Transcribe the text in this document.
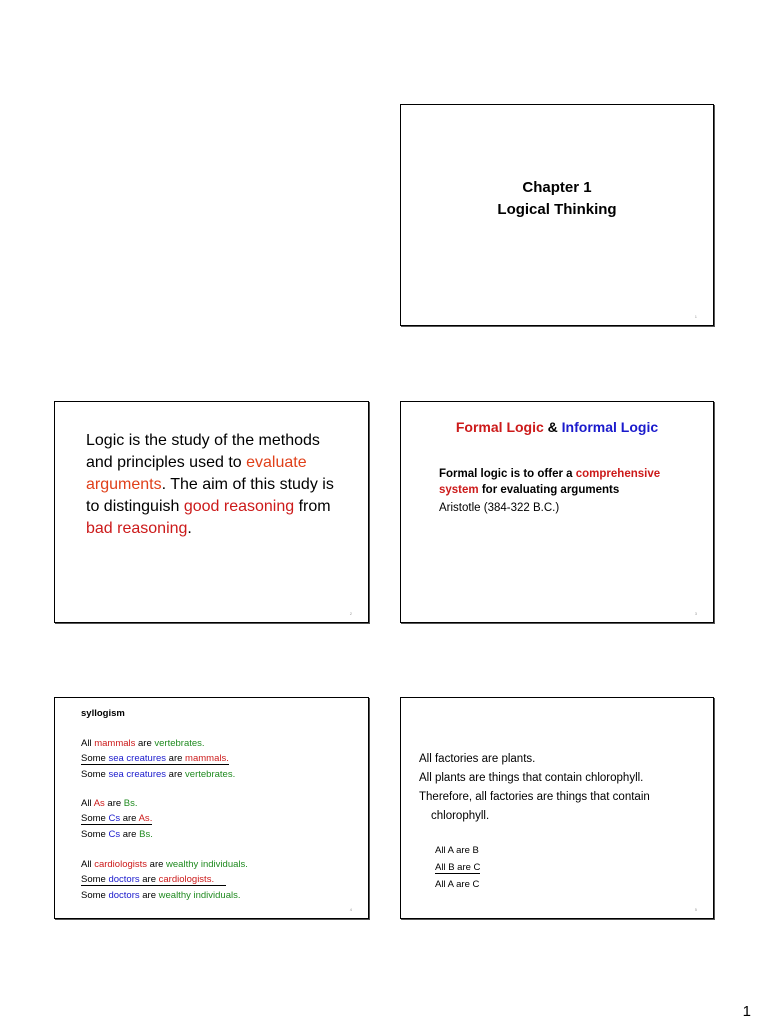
Chapter 1
Logical Thinking
1
Logic is the study of the methods and principles used to evaluate arguments. The aim of this study is to distinguish good reasoning from bad reasoning.
2
Formal Logic & Informal Logic
Formal logic is to offer a comprehensive system for evaluating arguments
Aristotle (384-322 B.C.)
3
syllogism
All mammals are vertebrates.
Some sea creatures are mammals.
Some sea creatures are vertebrates.
All As are Bs.
Some Cs are As.
Some Cs are Bs.
All cardiologists are wealthy individuals.
Some doctors are cardiologists.
Some doctors are wealthy individuals.
4
All factories are plants.
All plants are things that contain chlorophyll.
Therefore, all factories are things that contain
chlorophyll.
All A are B
All B are C
All A are C
5
1
